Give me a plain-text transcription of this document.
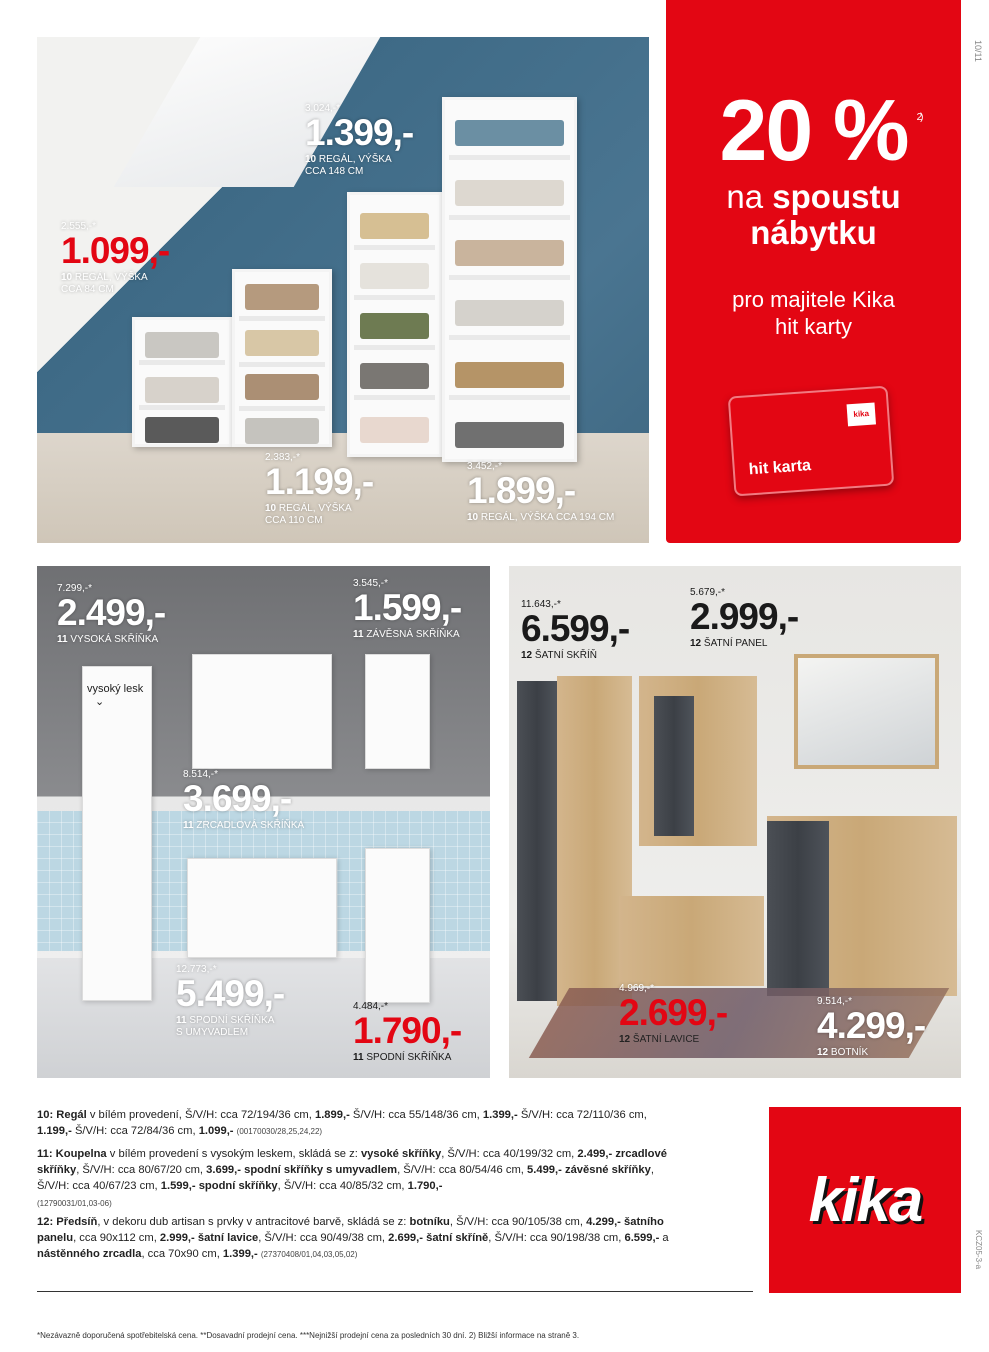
10/11
3.024,-*
1.399,-
10 REGÁL, VÝŠKA
CCA 148 CM
2.555,-*
1.099,-
10 REGÁL, VÝŠKA
CCA 84 CM
2.383,-*
1.199,-
10 REGÁL, VÝŠKA
CCA 110 CM
3.452,-*
1.899,-
10 REGÁL, VÝŠKA CCA 194 CM
20 % 2)
na spoustu
nábytku
pro majitele Kika
hit karty
kika
hit karta
vysoký lesk
⌄
7.299,-*
2.499,-
11 VYSOKÁ SKŘÍŇKA
3.545,-*
1.599,-
11 ZÁVĚSNÁ SKŘÍŇKA
8.514,-*
3.699,-
11 ZRCADLOVÁ SKŘÍŇKA
12.773,-*
5.499,-
11 SPODNÍ SKŘÍŇKA
S UMYVADLEM
4.484,-*
1.790,-
11 SPODNÍ SKŘÍŇKA
11.643,-*
6.599,-
12 ŠATNÍ SKŘÍŇ
5.679,-*
2.999,-
12 ŠATNÍ PANEL
4.969,-*
2.699,-
12 ŠATNÍ LAVICE
9.514,-*
4.299,-
12 BOTNÍK
10: Regál v bílém provedení, Š/V/H: cca 72/194/36 cm, 1.899,- Š/V/H: cca 55/148/36 cm, 1.399,- Š/V/H: cca 72/110/36 cm, 1.199,- Š/V/H: cca 72/84/36 cm, 1.099,- (00170030/28,25,24,22)
11: Koupelna v bílém provedení s vysokým leskem, skládá se z: vysoké skříňky, Š/V/H: cca 40/199/32 cm, 2.499,- zrcadlové skříňky, Š/V/H: cca 80/67/20 cm, 3.699,- spodní skříňky s umyvadlem, Š/V/H: cca 80/54/46 cm, 5.499,- závěsné skříňky, Š/V/H: cca 40/67/23 cm, 1.599,- spodní skříňky, Š/V/H: cca 40/85/32 cm, 1.790,-
(12790031/01,03-06)
12: Předsíň, v dekoru dub artisan s prvky v antracitové barvě, skládá se z: botníku, Š/V/H: cca 90/105/38 cm, 4.299,- šatního panelu, cca 90x112 cm, 2.999,- šatní lavice, Š/V/H: cca 90/49/38 cm, 2.699,- šatní skříně, Š/V/H: cca 90/198/38 cm, 6.599,- a nástěnného zrcadla, cca 70x90 cm, 1.399,- (27370408/01,04,03,05,02)
kika
KCZ05-3-a
*Nezávazně doporučená spotřebitelská cena. **Dosavadní prodejní cena. ***Nejnižší prodejní cena za posledních 30 dní. 2) Bližší informace na straně 3.
